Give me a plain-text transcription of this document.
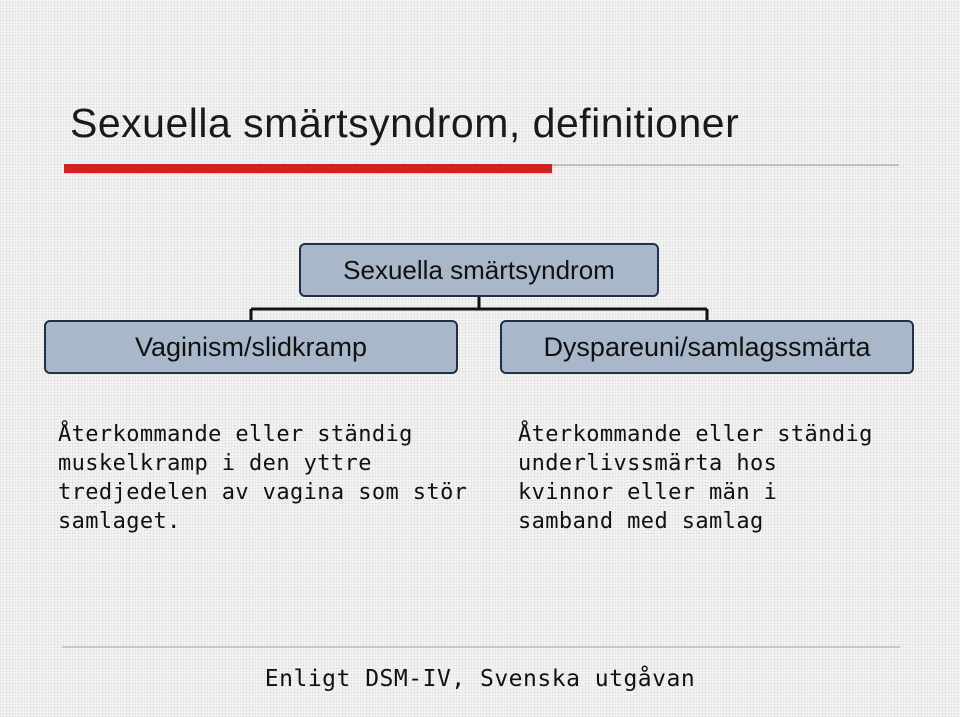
Sexuella smärtsyndrom, definitioner
Sexuella smärtsyndrom
Vaginism/slidkramp	Dyspareuni/samlagssmärta
Återkommande eller ständig
muskelkramp i den yttre
tredjedelen av vagina som stör
samlaget.
Återkommande eller ständig
underlivssmärta hos
kvinnor eller män i
samband med samlag
Enligt DSM-IV, Svenska utgåvan
